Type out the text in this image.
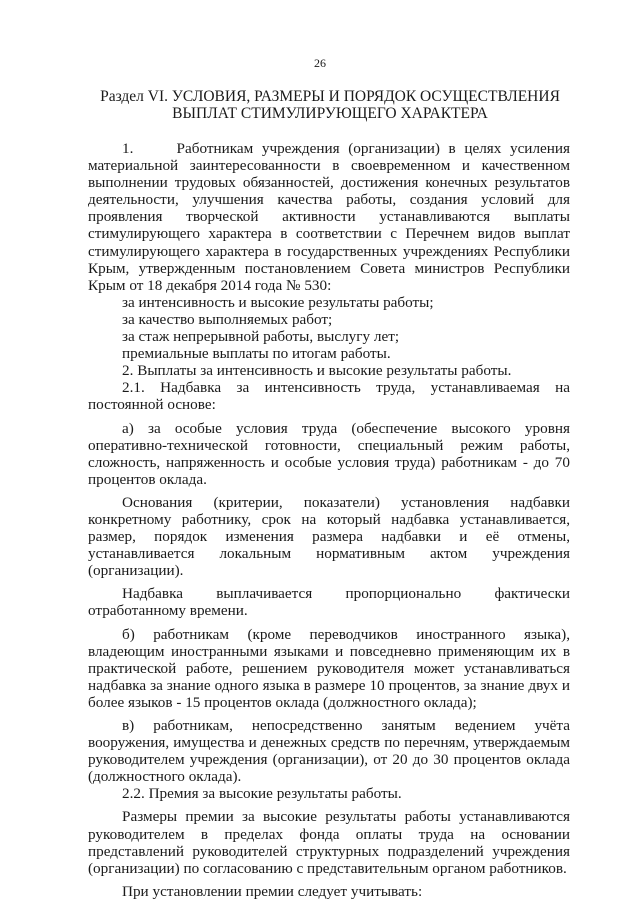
26
Раздел VI. УСЛОВИЯ, РАЗМЕРЫ И ПОРЯДОК ОСУЩЕСТВЛЕНИЯ ВЫПЛАТ СТИМУЛИРУЮЩЕГО ХАРАКТЕРА

1.     Работникам учреждения (организации) в целях усиления материальной заинтересованности в своевременном и качественном выполнении трудовых обязанностей, достижения конечных результатов деятельности, улучшения качества работы, создания условий для проявления творческой активности устанавливаются выплаты стимулирующего характера в соответствии с Перечнем видов выплат стимулирующего характера в государственных учреждениях Республики Крым, утвержденным постановлением Совета министров Республики Крым от 18 декабря 2014 года № 530:

за интенсивность и высокие результаты работы;

за качество выполняемых работ;

за стаж непрерывной работы, выслугу лет;

премиальные выплаты по итогам работы.

2. Выплаты за интенсивность и высокие результаты работы.

2.1. Надбавка за интенсивность труда, устанавливаемая на постоянной основе:

а) за особые условия труда (обеспечение высокого уровня оперативно-технической готовности, специальный режим работы, сложность, напряженность и особые условия труда) работникам - до 70 процентов оклада.

Основания (критерии, показатели) установления надбавки конкретному работнику, срок на который надбавка устанавливается, размер, порядок изменения размера надбавки и её отмены, устанавливается локальным нормативным актом учреждения (организации).

Надбавка выплачивается пропорционально фактически отработанному времени.

б) работникам (кроме переводчиков иностранного языка), владеющим иностранными языками и повседневно применяющим их в практической работе, решением руководителя может устанавливаться надбавка за знание одного языка в размере 10 процентов, за знание двух и более языков - 15 процентов оклада (должностного оклада);

в) работникам, непосредственно занятым ведением учёта вооружения, имущества и денежных средств по перечням, утверждаемым руководителем учреждения (организации), от 20 до 30 процентов оклада (должностного оклада).

2.2. Премия за высокие результаты работы.

Размеры премии за высокие результаты работы устанавливаются руководителем в пределах фонда оплаты труда на основании представлений руководителей структурных подразделений учреждения (организации) по согласованию с представительным органом работников.

При установлении премии следует учитывать:
